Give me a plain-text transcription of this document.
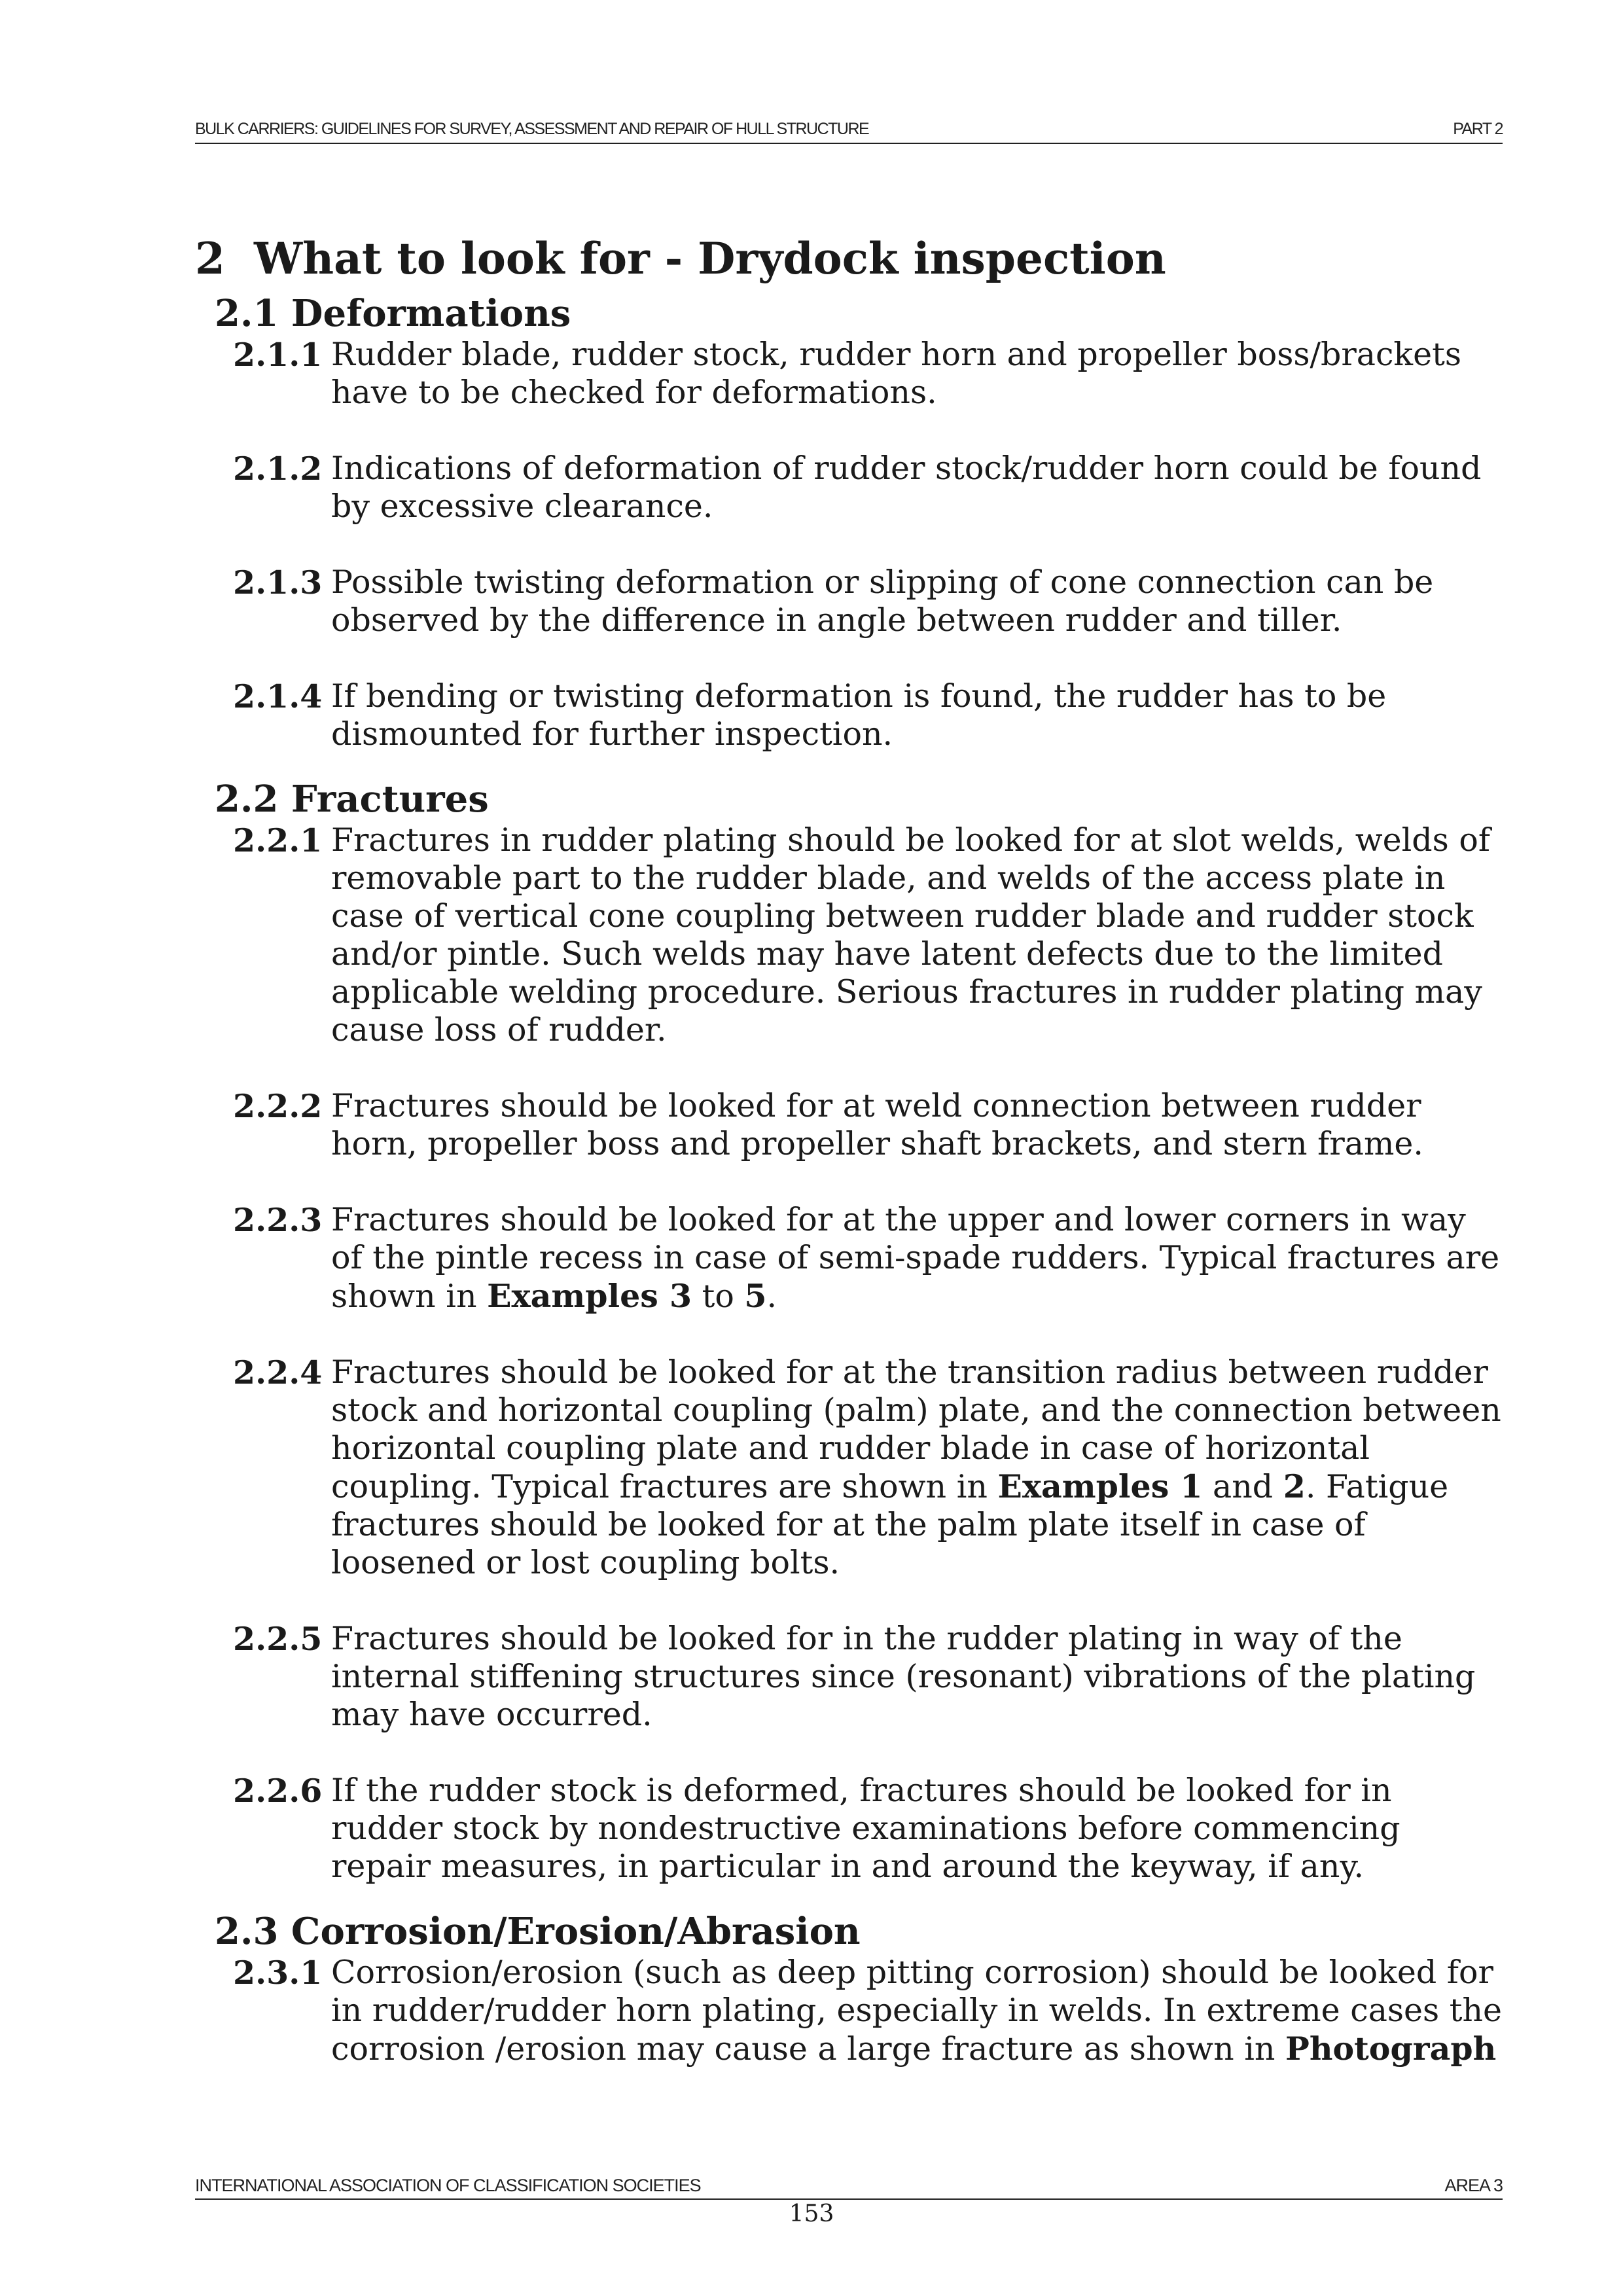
BULK CARRIERS: GUIDELINES FOR SURVEY, ASSESSMENT AND REPAIR OF HULL STRUCTURE	PART 2
2 What to look for - Drydock inspection
2.1 Deformations
2.1.1 Rudder blade, rudder stock, rudder horn and propeller boss/brackets have to be checked for deformations.
2.1.2 Indications of deformation of rudder stock/rudder horn could be found by excessive clearance.
2.1.3 Possible twisting deformation or slipping of cone connection can be observed by the difference in angle between rudder and tiller.
2.1.4 If bending or twisting deformation is found, the rudder has to be dismounted for further inspection.
2.2 Fractures
2.2.1 Fractures in rudder plating should be looked for at slot welds, welds of removable part to the rudder blade, and welds of the access plate in case of vertical cone coupling between rudder blade and rudder stock and/or pintle. Such welds may have latent defects due to the limited applicable welding procedure. Serious fractures in rudder plating may cause loss of rudder.
2.2.2 Fractures should be looked for at weld connection between rudder horn, propeller boss and propeller shaft brackets, and stern frame.
2.2.3 Fractures should be looked for at the upper and lower corners in way of the pintle recess in case of semi-spade rudders. Typical fractures are shown in Examples 3 to 5.
2.2.4 Fractures should be looked for at the transition radius between rudder stock and horizontal coupling (palm) plate, and the connection between horizontal coupling plate and rudder blade in case of horizontal coupling. Typical fractures are shown in Examples 1 and 2. Fatigue fractures should be looked for at the palm plate itself in case of loosened or lost coupling bolts.
2.2.5 Fractures should be looked for in the rudder plating in way of the internal stiffening structures since (resonant) vibrations of the plating may have occurred.
2.2.6 If the rudder stock is deformed, fractures should be looked for in rudder stock by nondestructive examinations before commencing repair measures, in particular in and around the keyway, if any.
2.3 Corrosion/Erosion/Abrasion
2.3.1 Corrosion/erosion (such as deep pitting corrosion) should be looked for in rudder/rudder horn plating, especially in welds. In extreme cases the corrosion /erosion may cause a large fracture as shown in Photograph
INTERNATIONAL ASSOCIATION OF CLASSIFICATION SOCIETIES	AREA 3
153
